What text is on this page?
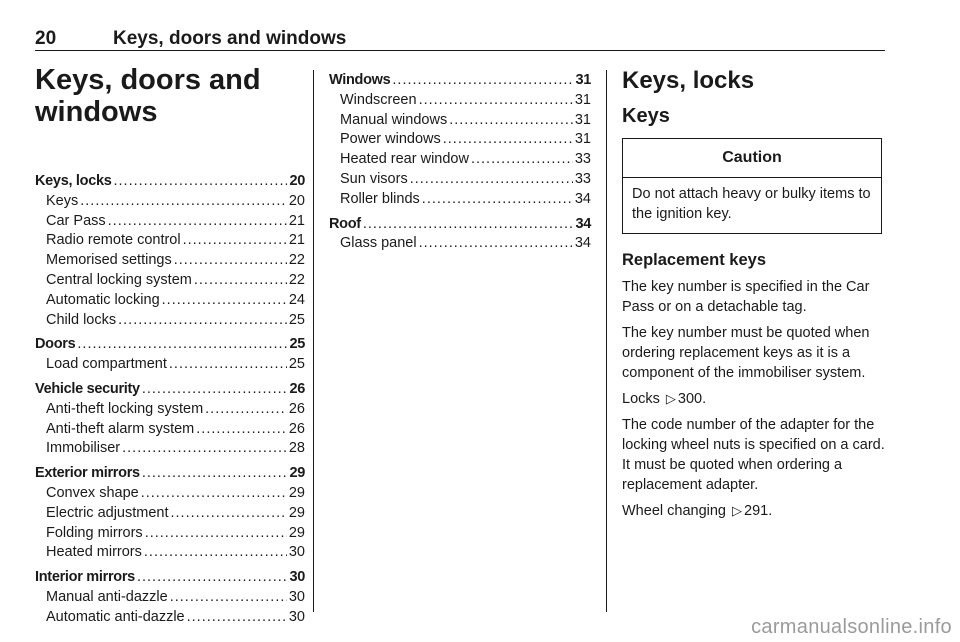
20	Keys, doors and windows
Keys, doors and windows
Keys, locks .....	20
Keys .....	20
Car Pass .....	21
Radio remote control .....	21
Memorised settings .....	22
Central locking system .....	22
Automatic locking .....	24
Child locks .....	25
Doors .....	25
Load compartment .....	25
Vehicle security .....	26
Anti-theft locking system .....	26
Anti-theft alarm system .....	26
Immobiliser .....	28
Exterior mirrors .....	29
Convex shape .....	29
Electric adjustment .....	29
Folding mirrors .....	29
Heated mirrors .....	30
Interior mirrors .....	30
Manual anti-dazzle .....	30
Automatic anti-dazzle .....	30
Windows .....	31
Windscreen .....	31
Manual windows .....	31
Power windows .....	31
Heated rear window .....	33
Sun visors .....	33
Roller blinds .....	34
Roof .....	34
Glass panel .....	34
Keys, locks
Keys
Caution
Do not attach heavy or bulky items to the ignition key.
Replacement keys

The key number is specified in the Car Pass or on a detachable tag.

The key number must be quoted when ordering replacement keys as it is a component of the immobiliser system.

Locks ▷ 300.

The code number of the adapter for the locking wheel nuts is specified on a card. It must be quoted when ordering a replacement adapter.

Wheel changing ▷ 291.

carmanualsonline.info
